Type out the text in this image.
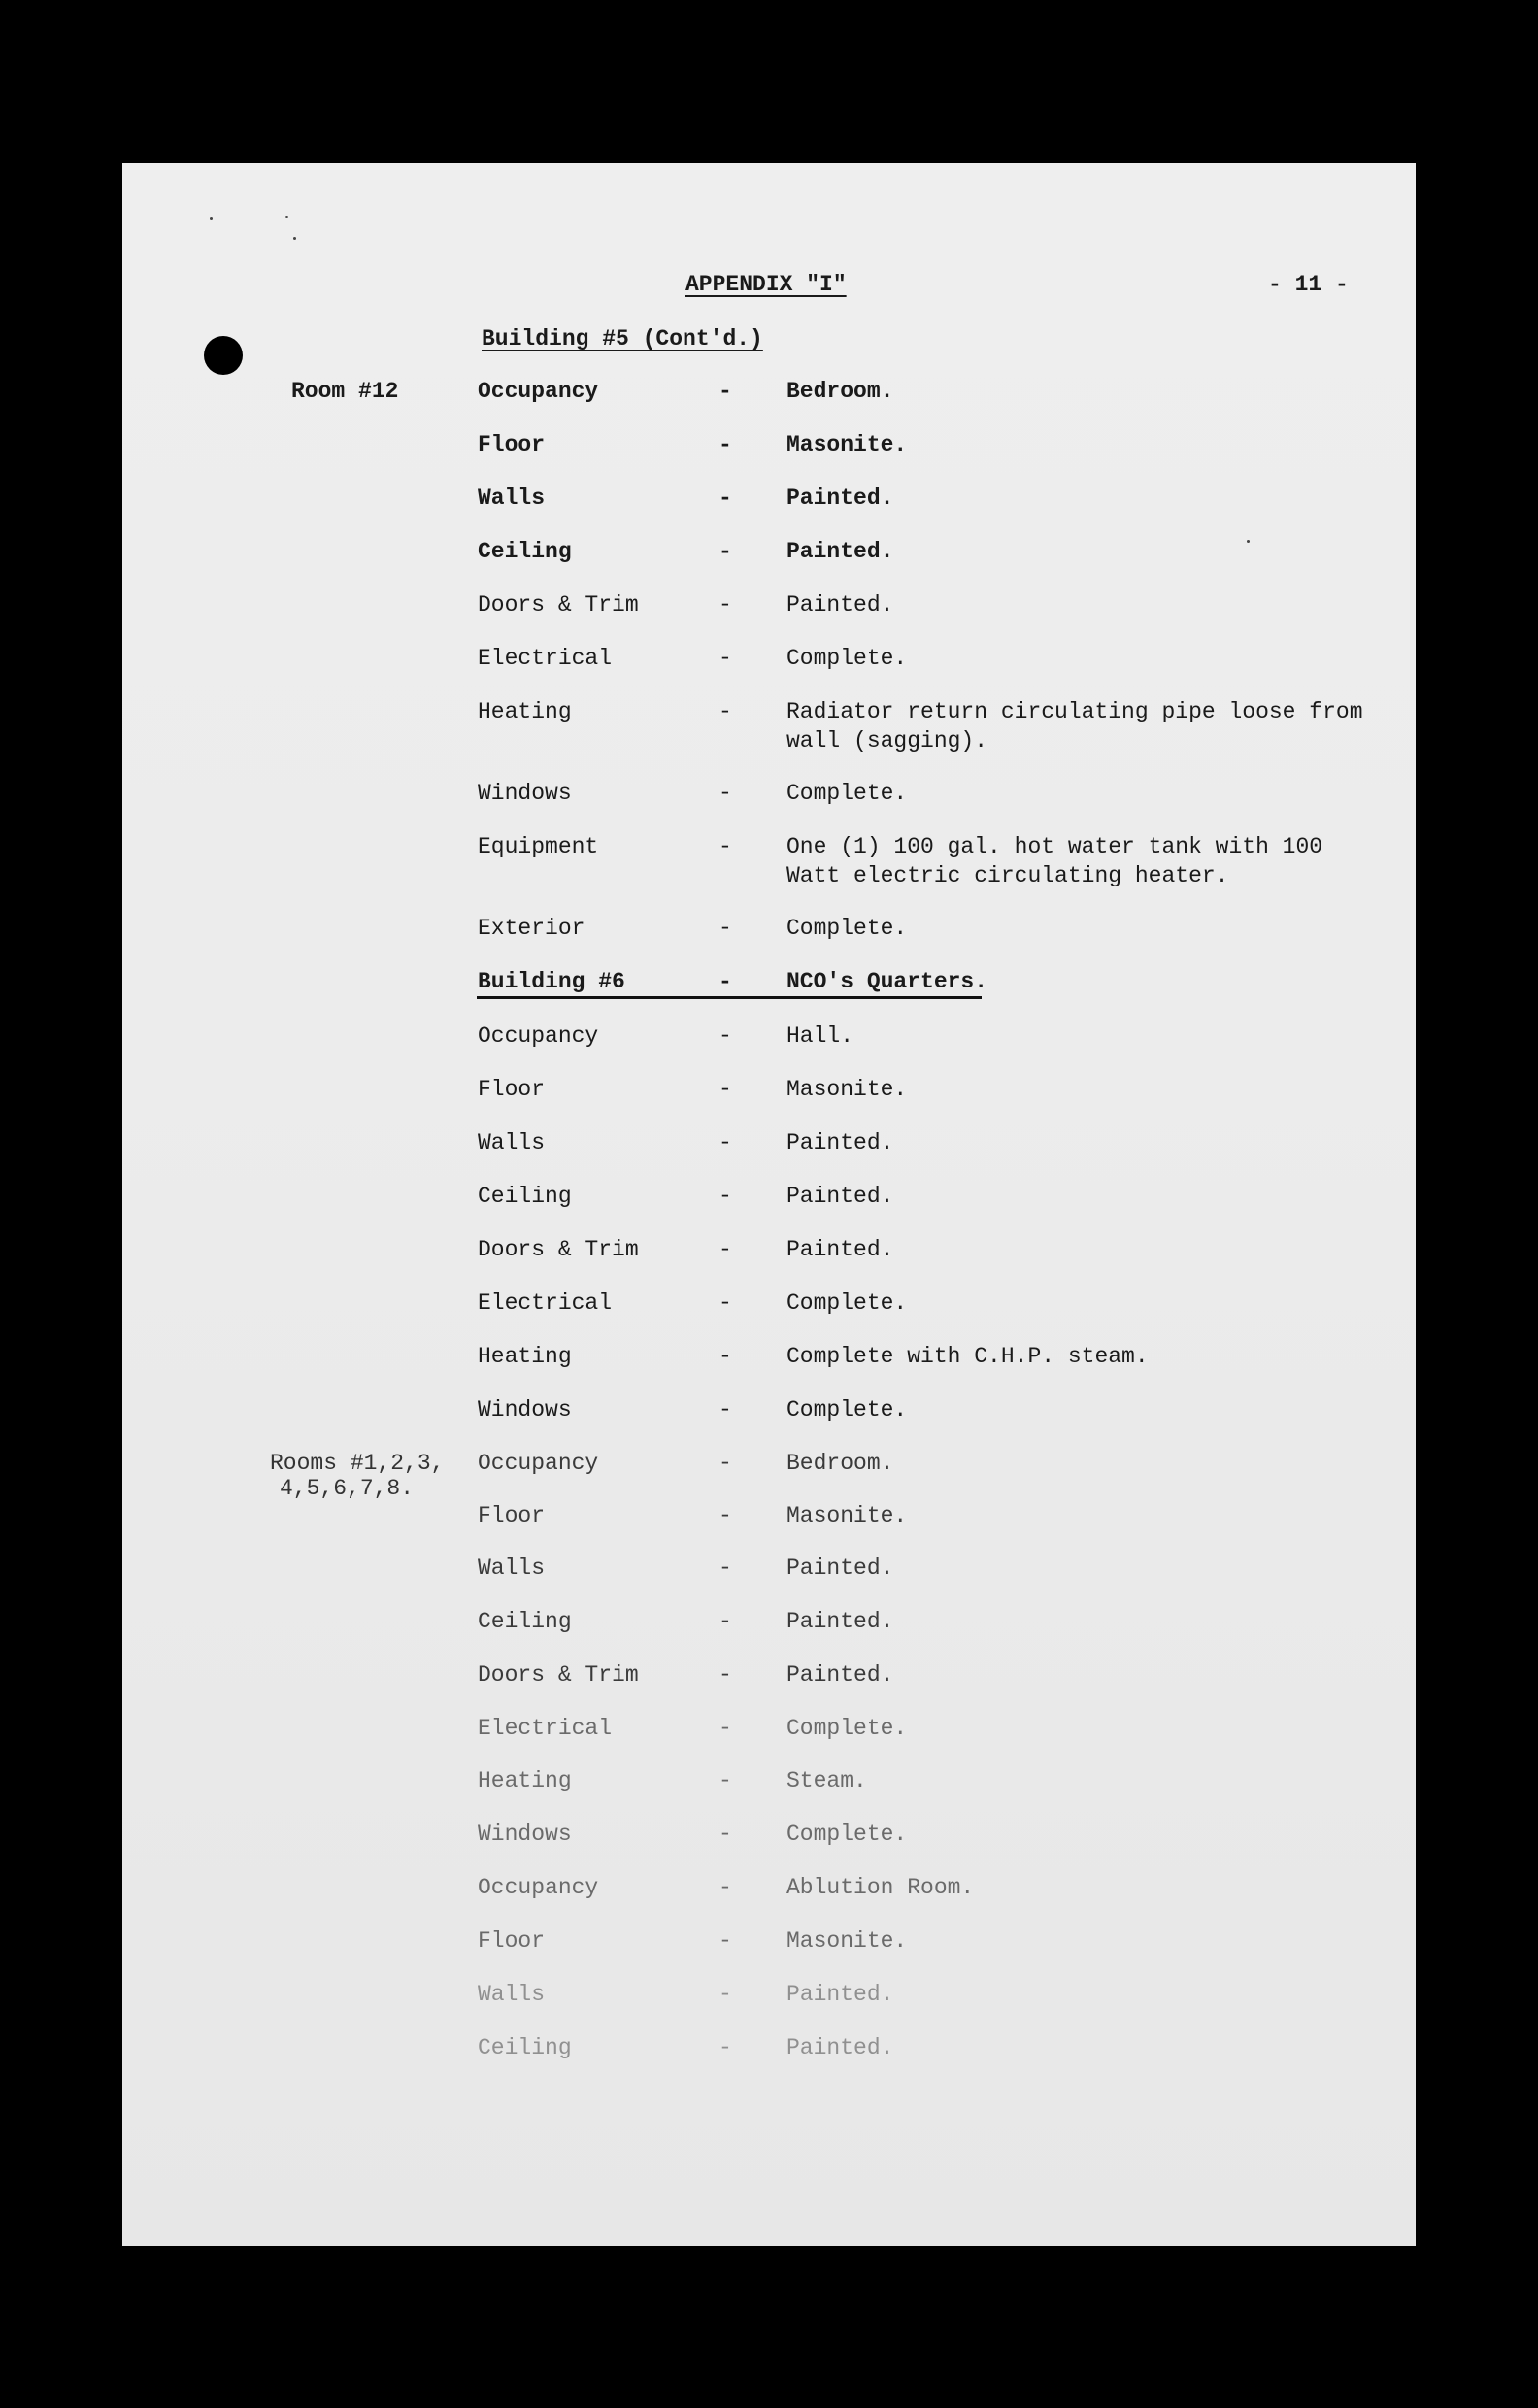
APPENDIX "I"	- 11 -
Building #5 (Cont'd.)
Room #12	Occupancy	- Bedroom.
Floor	- Masonite.
Walls	- Painted.
Ceiling	- Painted.
Doors & Trim	- Painted.
Electrical	- Complete.
Heating	- Radiator return circulating pipe loose from wall (sagging).
Windows	- Complete.
Equipment	- One (1) 100 gal. hot water tank with 100 Watt electric circulating heater.
Exterior	- Complete.
Building #6	- NCO's Quarters.
Occupancy	- Hall.
Floor	- Masonite.
Walls	- Painted.
Ceiling	- Painted.
Doors & Trim	- Painted.
Electrical	- Complete.
Heating	- Complete with C.H.P. steam.
Windows	- Complete.
Rooms #1,2,3,
4,5,6,7,8.
Occupancy	- Bedroom.
Floor	- Masonite.
Walls	- Painted.
Ceiling	- Painted.
Doors & Trim	- Painted.
Electrical	- Complete.
Heating	- Steam.
Windows	- Complete.
Occupancy	- Ablution Room.
Floor	- Masonite.
Walls	- Painted.
Ceiling	- Painted.
